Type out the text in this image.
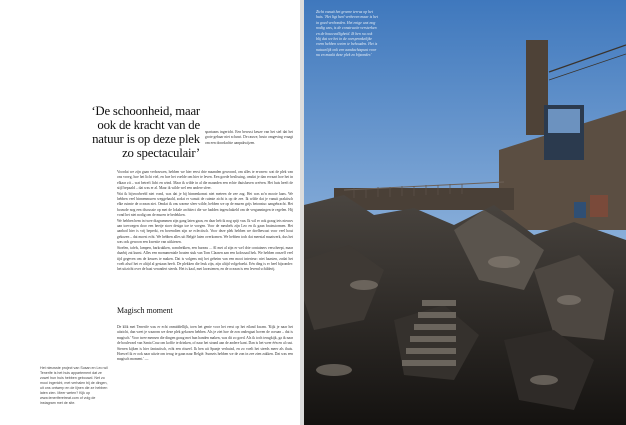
‘De schoonheid, maar ook de kracht van de natuur is op deze plek zo spectaculair’
spartaans ingericht. Een bewust keuze van het stel dat het grote gebaar niet schuwt. De rauwe, bruto omgeving vraagt om een doordachte aanpakwijzen.

Voordat we zijn gaan verbouwen, hebben we hier eerst drie maanden gewoond, om alles te ervaren: wat de plek van ons vroeg, hoe het licht viel, en hoe het voelde om hier te leven. Een goede beslissing, omdat je dan ervaart hoe het in elkaar zit – wat betreft licht en wind. Maar ik wilde in al die maanden een echte thuishaven creëren. Het huis heeft de stijl bepaald – dat was er al. Maar ik wilde wel een andere sfeer.

Wat ik bijvoorbeeld niet vond, was dat je bij binnenkomst niet meteen de zee zag. Het was zo'n mooie kans. We hebben veel binnenmuren weggehaald, zodat er vanuit de ruimte zicht is op de zee. Ik wilde dat je vanuit praktisch elke ruimte de oceaan ziet. Omdat ik ons warme sfeer wilde, hebben we op de muren grijs betonstuc aangebracht. Het bouwde nog een discussie op met de lokale architect die we hadden ingeschakeld om de vergunningen te regelen. Hij vond het niet nodig om de muren te bedekken.

We hebben hem in twee diagrammen zijn gang laten gaan, en daar heb ik nog spijt van. Ik wil er ook graag iets nieuws aan toevoegen door een beetje stoer design toe te voegen. Voor de meubels zijn Leo en ik gaan brainstormen. Het aanbod hier is vrij beperkt, en bovendien zijn ze eclectisch. Voor deze plek hebben we doelbewust voor veel hout gekozen – dat moest echt. We hebben alles uit België laten overkomen. We hebben toch dat meestal maatwerk, dus het was ook gewoon een kwestie van uitkiezen.

Stoelen, tafels, lampen, barkrukken, wandrekken, een bureau ... Al met al zijn er wel drie containers verscheept, maar daarbij zat kunst. Alles een monumentale houten stuk van Tom Claasen aan een kolossaal hek. We hebben onszelf veel tijd gegeven om de keuzes te maken. Dat is volgens mij het geheim van een mooi interieur: niet haasten, zodat het voelt alsof het er altijd al gestaan heeft. De plekken die leuk zijn, zijn altijd volgeboekt. Eén ding is er heel bijzonder: het uitzicht over de baai verandert steeds. Het is kaal, met lavastenen, en de oceaan is een levend schilderij.

Magisch moment
De klik met Tenerife was er echt onmiddellijk, toen het genie voor het eerst op het eiland kwam. 'Kijk je naar het uitzicht, dan weet je waarom we deze plek gekozen hebben. Als je ziet hoe de zon ondergaat boven de oceaan – dat is magisch.' Voor twee mensen die dingen graag met hun handen maken, was dit zo goed. Als ik toch terugkijk, ga ik naar de boulevard van Santa Cruz om koffie te drinken, of naar het strand aan de andere kant. Dan is het weer één en al rust. Sterren kijken is hier fantastisch, echt een ritueel. Ik ben uit Spanje verhuisd, en zo voelt het steeds meer als thuis. Hoewel ik er ook naar uitzie om terug te gaan naar België. Sunsets hebben we de zon in zee zien zakken. Dat was een magisch moment.' —
Het nieuwste project van Susan en Leo wil Tenerife is het huis appartement dat ze zowel hun huis hebben gebouwd. Net zo mooi ingericht, met verhalen bij de dingen, uit ons ontwerp en de lijnen die ze hebben laten zien. Meer weten? Kijk op www.teneriferetreat.com of volg de instagram met de site.
Zicht vanuit het groene terras op het huis. 'Het ligt heel verheven maar is het in goed verbonden. Het enige wat nog nodig was, is de constructie versterken en de bouwvalligheid. Ik ben nu ook blij dat we het in de oorspronkelijke vorm hebben weten te behouden. Het is natuurlijk ook een aandachtspunt voor nu en maakt deze plek zo bijzonder.'
